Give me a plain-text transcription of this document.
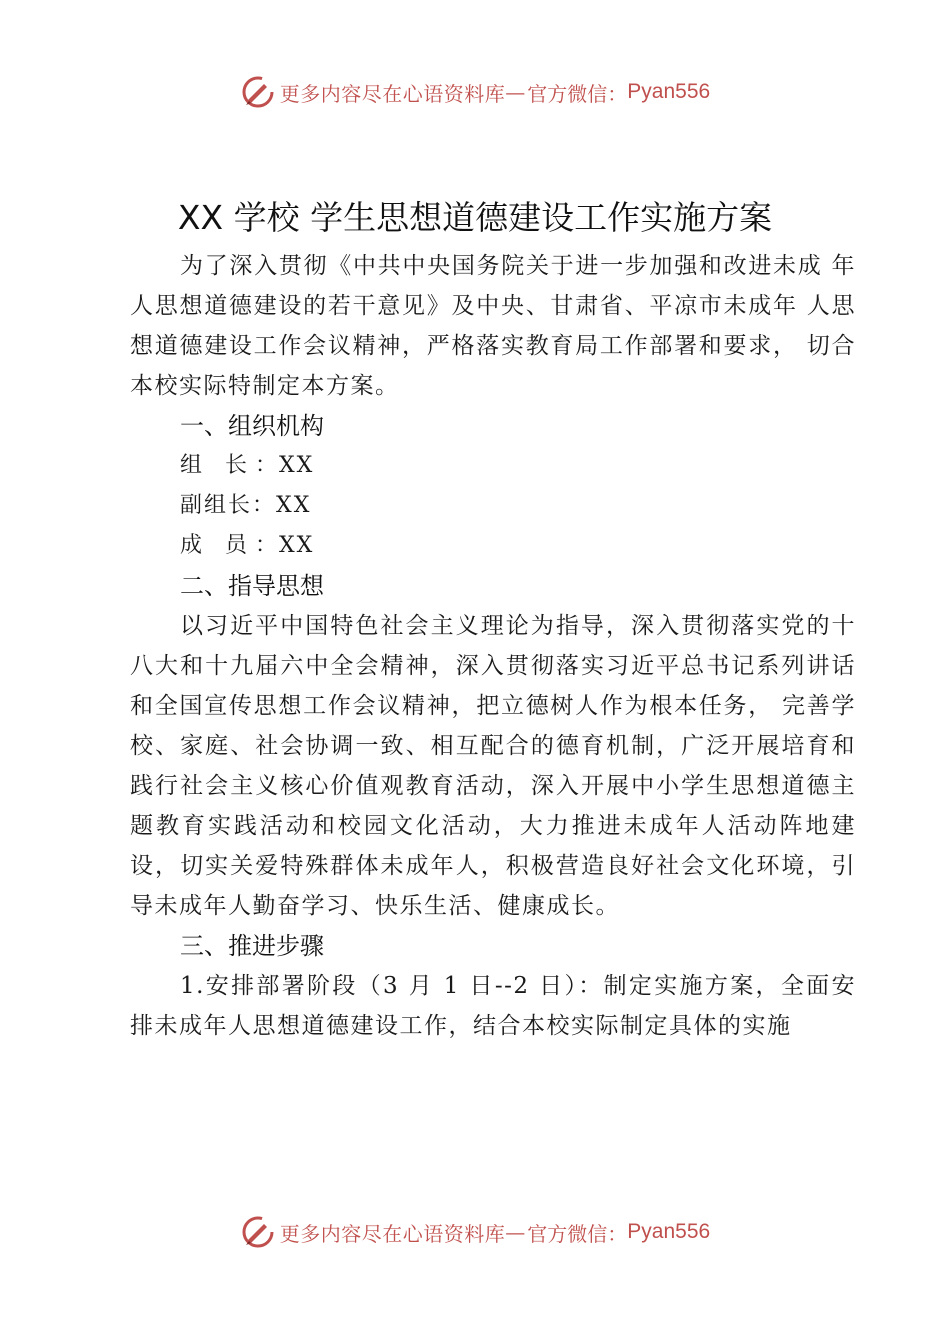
更多内容尽在心语资料库 — 官方微信： Pyan556
XX 学校 学生思想道德建设工作实施方案

为了深入贯彻《中共中央国务院关于进一步加强和改进未成 年人思想道德建设的若干意见》及中央、甘肃省、平凉市未成年 人思想道德建设工作会议精神，严格落实教育局工作部署和要求， 切合本校实际特制定本方案。

一、组织机构

组 长：XX

副组长：XX

成 员：XX

二、指导思想

以习近平中国特色社会主义理论为指导，深入贯彻落实党的十八大和十九届六中全会精神，深入贯彻落实习近平总书记系列讲话和全国宣传思想工作会议精神，把立德树人作为根本任务， 完善学校、家庭、社会协调一致、相互配合的德育机制，广泛开展培育和践行社会主义核心价值观教育活动，深入开展中小学生思想道德主题教育实践活动和校园文化活动，大力推进未成年人活动阵地建设，切实关爱特殊群体未成年人，积极营造良好社会文化环境，引导未成年人勤奋学习、快乐生活、健康成长。

三、推进步骤

1.安排部署阶段（3 月 1 日--2 日）：制定实施方案，全面安排未成年人思想道德建设工作，结合本校实际制定具体的实施

更多内容尽在心语资料库 — 官方微信： Pyan556
